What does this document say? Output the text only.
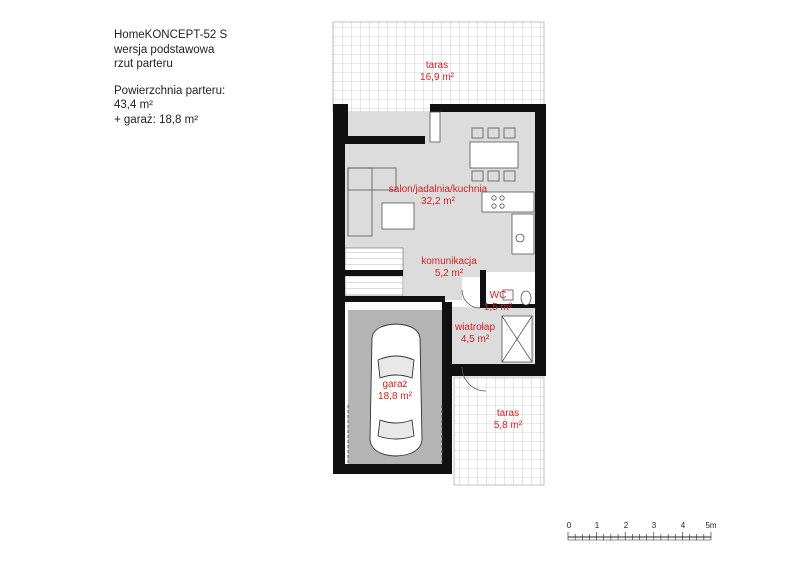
HomeKONCEPT-52 S
wersja podstawowa
rzut parteru
Powierzchnia parteru:
43,4 m²
+ garaż: 18,8 m²
taras
16,9 m²
salon/jadalnia/kuchnia
32,2 m²
komunikacja
5,2 m²
WC
1,5 m²
wiatrołap
4,5 m²
garaż
18,8 m²
taras
5,8 m²
0	1	2	3	4	5m
